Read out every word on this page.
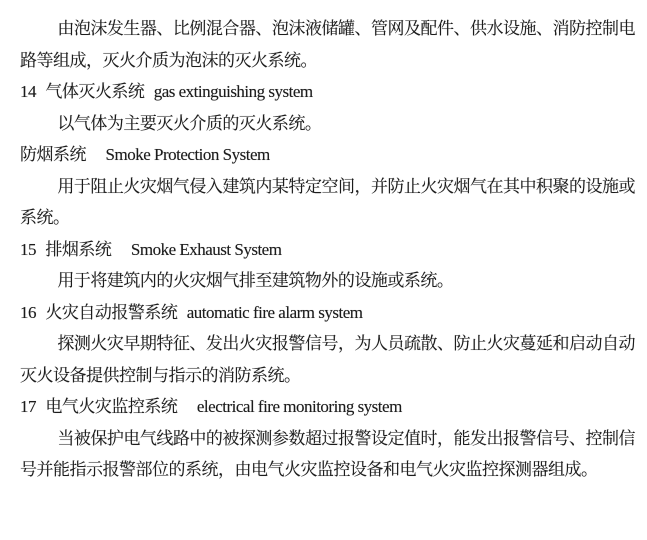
由泡沫发生器、比例混合器、泡沫液储罐、管网及配件、供水设施、消防控制电路等组成，灭火介质为泡沫的灭火系统。

14 气体灭火系统 gas extinguishing system

以气体为主要灭火介质的灭火系统。

防烟系统 Smoke Protection System

用于阻止火灾烟气侵入建筑内某特定空间，并防止火灾烟气在其中积聚的设施或系统。

15 排烟系统 Smoke Exhaust System

用于将建筑内的火灾烟气排至建筑物外的设施或系统。

16 火灾自动报警系统 automatic fire alarm system

探测火灾早期特征、发出火灾报警信号，为人员疏散、防止火灾蔓延和启动自动灭火设备提供控制与指示的消防系统。

17 电气火灾监控系统 electrical fire monitoring system

当被保护电气线路中的被探测参数超过报警设定值时，能发出报警信号、控制信号并能指示报警部位的系统，由电气火灾监控设备和电气火灾监控探测器组成。
